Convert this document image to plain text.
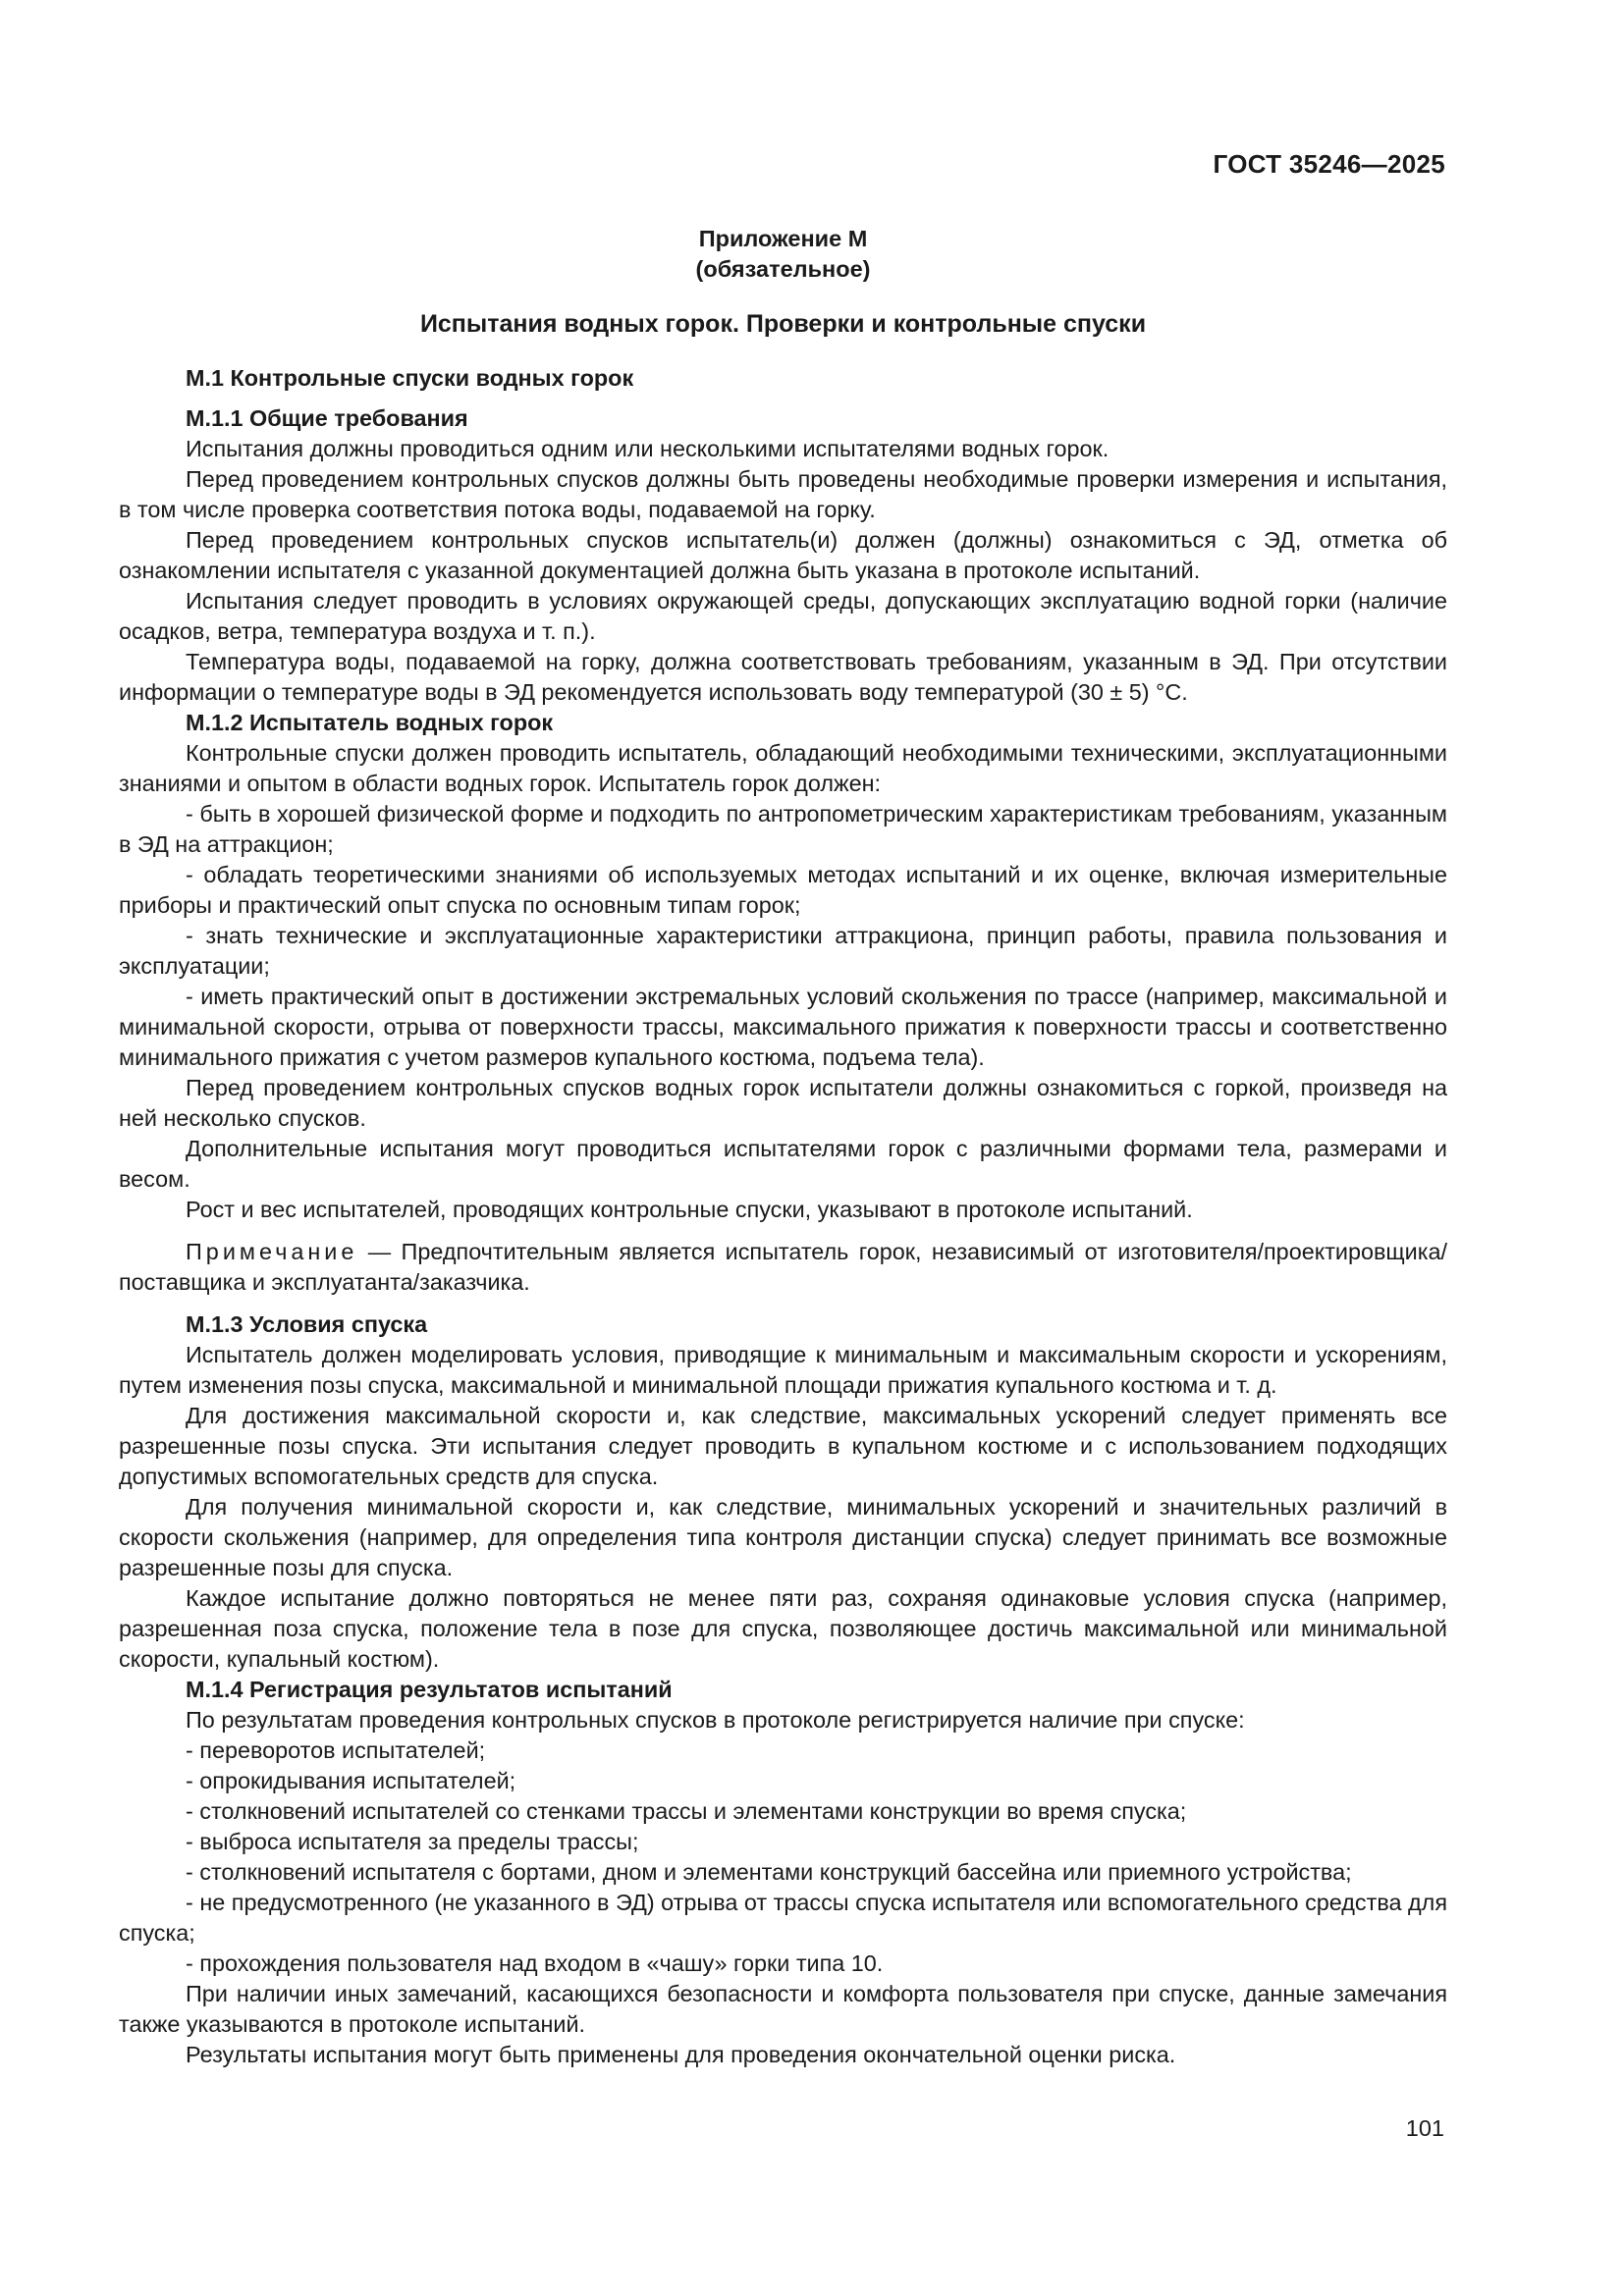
ГОСТ 35246—2025
Приложение М
(обязательное)
Испытания водных горок. Проверки и контрольные спуски
М.1 Контрольные спуски водных горок
М.1.1 Общие требования
Испытания должны проводиться одним или несколькими испытателями водных горок.
Перед проведением контрольных спусков должны быть проведены необходимые проверки измерения и испытания, в том числе проверка соответствия потока воды, подаваемой на горку.
Перед проведением контрольных спусков испытатель(и) должен (должны) ознакомиться с ЭД, отметка об ознакомлении испытателя с указанной документацией должна быть указана в протоколе испытаний.
Испытания следует проводить в условиях окружающей среды, допускающих эксплуатацию водной горки (наличие осадков, ветра, температура воздуха и т. п.).
Температура воды, подаваемой на горку, должна соответствовать требованиям, указанным в ЭД. При отсутствии информации о температуре воды в ЭД рекомендуется использовать воду температурой (30 ± 5) °С.
М.1.2 Испытатель водных горок
Контрольные спуски должен проводить испытатель, обладающий необходимыми техническими, эксплуатационными знаниями и опытом в области водных горок. Испытатель горок должен:
- быть в хорошей физической форме и подходить по антропометрическим характеристикам требованиям, указанным в ЭД на аттракцион;
- обладать теоретическими знаниями об используемых методах испытаний и их оценке, включая измерительные приборы и практический опыт спуска по основным типам горок;
- знать технические и эксплуатационные характеристики аттракциона, принцип работы, правила пользования и эксплуатации;
- иметь практический опыт в достижении экстремальных условий скольжения по трассе (например, максимальной и минимальной скорости, отрыва от поверхности трассы, максимального прижатия к поверхности трассы и соответственно минимального прижатия с учетом размеров купального костюма, подъема тела).
Перед проведением контрольных спусков водных горок испытатели должны ознакомиться с горкой, произведя на ней несколько спусков.
Дополнительные испытания могут проводиться испытателями горок с различными формами тела, размерами и весом.
Рост и вес испытателей, проводящих контрольные спуски, указывают в протоколе испытаний.
Примечание — Предпочтительным является испытатель горок, независимый от изготовителя/проектировщика/поставщика и эксплуатанта/заказчика.
М.1.3 Условия спуска
Испытатель должен моделировать условия, приводящие к минимальным и максимальным скорости и ускорениям, путем изменения позы спуска, максимальной и минимальной площади прижатия купального костюма и т. д.
Для достижения максимальной скорости и, как следствие, максимальных ускорений следует применять все разрешенные позы спуска. Эти испытания следует проводить в купальном костюме и с использованием подходящих допустимых вспомогательных средств для спуска.
Для получения минимальной скорости и, как следствие, минимальных ускорений и значительных различий в скорости скольжения (например, для определения типа контроля дистанции спуска) следует принимать все возможные разрешенные позы для спуска.
Каждое испытание должно повторяться не менее пяти раз, сохраняя одинаковые условия спуска (например, разрешенная поза спуска, положение тела в позе для спуска, позволяющее достичь максимальной или минимальной скорости, купальный костюм).
М.1.4 Регистрация результатов испытаний
По результатам проведения контрольных спусков в протоколе регистрируется наличие при спуске:
- переворотов испытателей;
- опрокидывания испытателей;
- столкновений испытателей со стенками трассы и элементами конструкции во время спуска;
- выброса испытателя за пределы трассы;
- столкновений испытателя с бортами, дном и элементами конструкций бассейна или приемного устройства;
- не предусмотренного (не указанного в ЭД) отрыва от трассы спуска испытателя или вспомогательного средства для спуска;
- прохождения пользователя над входом в «чашу» горки типа 10.
При наличии иных замечаний, касающихся безопасности и комфорта пользователя при спуске, данные замечания также указываются в протоколе испытаний.
Результаты испытания могут быть применены для проведения окончательной оценки риска.
101
